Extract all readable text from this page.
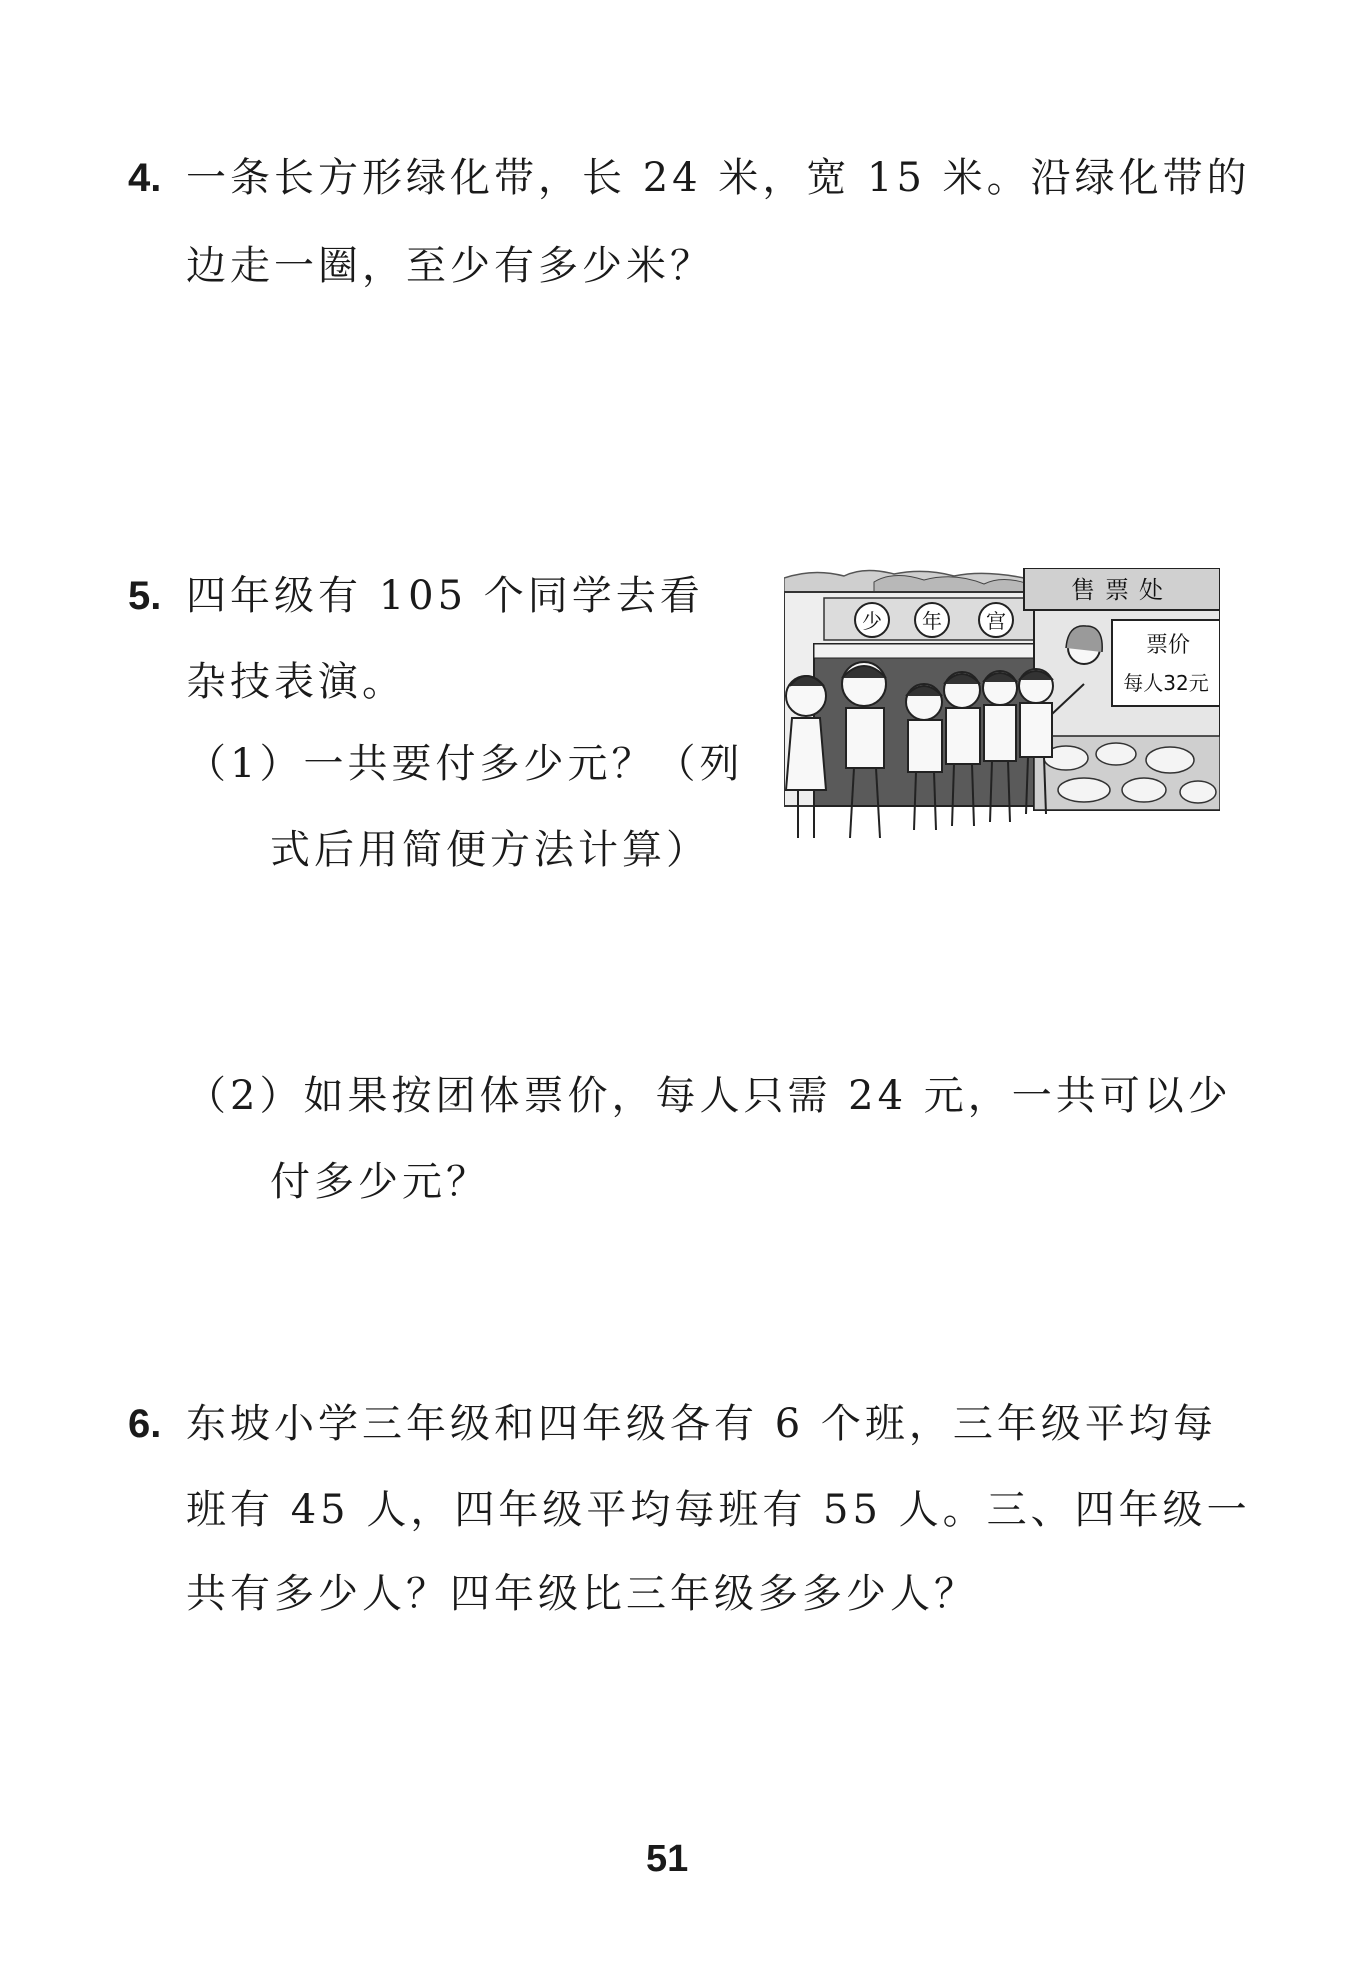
4. 一条长方形绿化带，长 24 米，宽 15 米。沿绿化带的
边走一圈，至少有多少米？
5. 四年级有 105 个同学去看
杂技表演。
（1）一共要付多少元？（列
式后用简便方法计算）
少 年 宫
售票处
票价
每人32元
（2）如果按团体票价，每人只需 24 元，一共可以少
付多少元？
6. 东坡小学三年级和四年级各有 6 个班，三年级平均每
班有 45 人，四年级平均每班有 55 人。三、四年级一
共有多少人？四年级比三年级多多少人？
51
